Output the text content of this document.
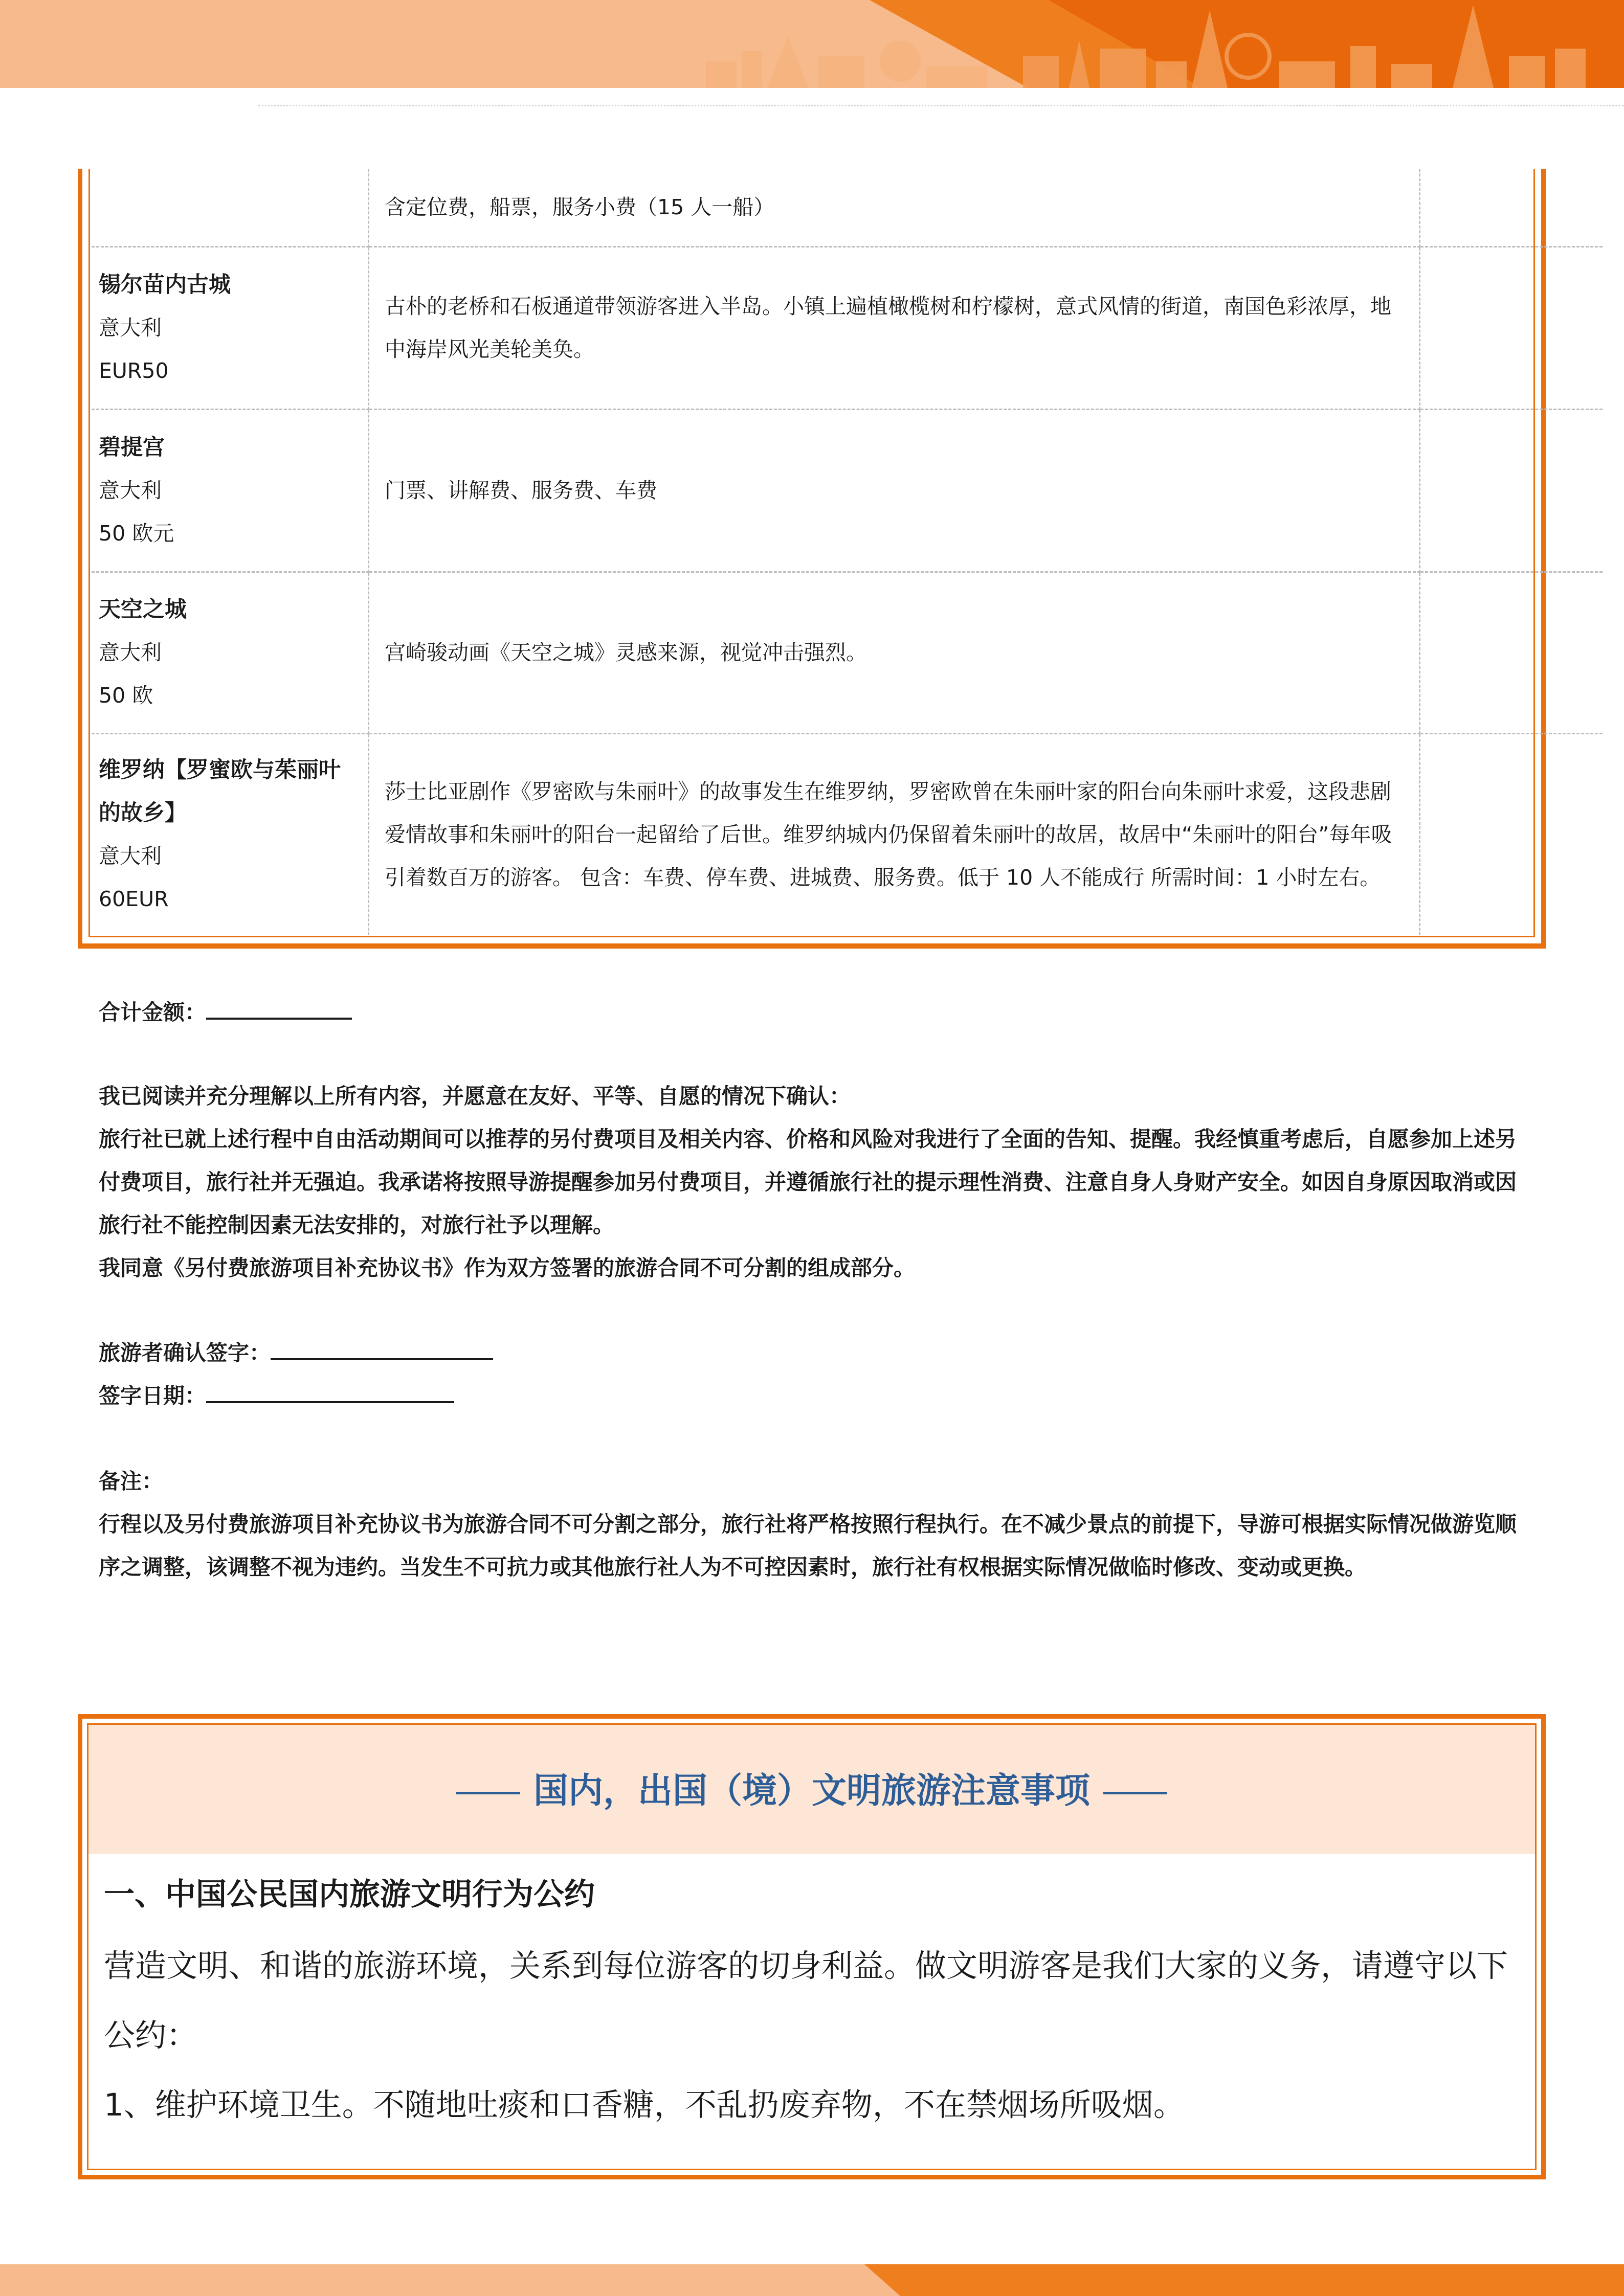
	含定位费，船票，服务小费（15 人一船）	

锡尔苗内古城
意大利
EUR50	古朴的老桥和石板通道带领游客进入半岛。小镇上遍植橄榄树和柠檬树，意式风情的街道，南国色彩浓厚，地中海岸风光美轮美奂。	

碧提宫
意大利
50 欧元	门票、讲解费、服务费、车费	

天空之城
意大利
50 欧	宫崎骏动画《天空之城》灵感来源，视觉冲击强烈。	

维罗纳【罗蜜欧与茱丽叶的故乡】
意大利
60EUR	莎士比亚剧作《罗密欧与朱丽叶》的故事发生在维罗纳，罗密欧曾在朱丽叶家的阳台向朱丽叶求爱，这段悲剧爱情故事和朱丽叶的阳台一起留给了后世。维罗纳城内仍保留着朱丽叶的故居，故居中“朱丽叶的阳台”每年吸引着数百万的游客。 包含：车费、停车费、进城费、服务费。低于 10 人不能成行 所需时间：1 小时左右。	
合计金额：

我已阅读并充分理解以上所有内容，并愿意在友好、平等、自愿的情况下确认：

旅行社已就上述行程中自由活动期间可以推荐的另付费项目及相关内容、价格和风险对我进行了全面的告知、提醒。我经慎重考虑后，自愿参加上述另付费项目，旅行社并无强迫。我承诺将按照导游提醒参加另付费项目，并遵循旅行社的提示理性消费、注意自身人身财产安全。如因自身原因取消或因旅行社不能控制因素无法安排的，对旅行社予以理解。

我同意《另付费旅游项目补充协议书》作为双方签署的旅游合同不可分割的组成部分。

旅游者确认签字：

签字日期：

备注：

行程以及另付费旅游项目补充协议书为旅游合同不可分割之部分，旅行社将严格按照行程执行。在不减少景点的前提下，导游可根据实际情况做游览顺序之调整，该调整不视为违约。当发生不可抗力或其他旅行社人为不可控因素时，旅行社有权根据实际情况做临时修改、变动或更换。

国内，出国（境）文明旅游注意事项
一、中国公民国内旅游文明行为公约

营造文明、和谐的旅游环境，关系到每位游客的切身利益。做文明游客是我们大家的义务，请遵守以下公约：

1、维护环境卫生。不随地吐痰和口香糖，不乱扔废弃物，不在禁烟场所吸烟。
